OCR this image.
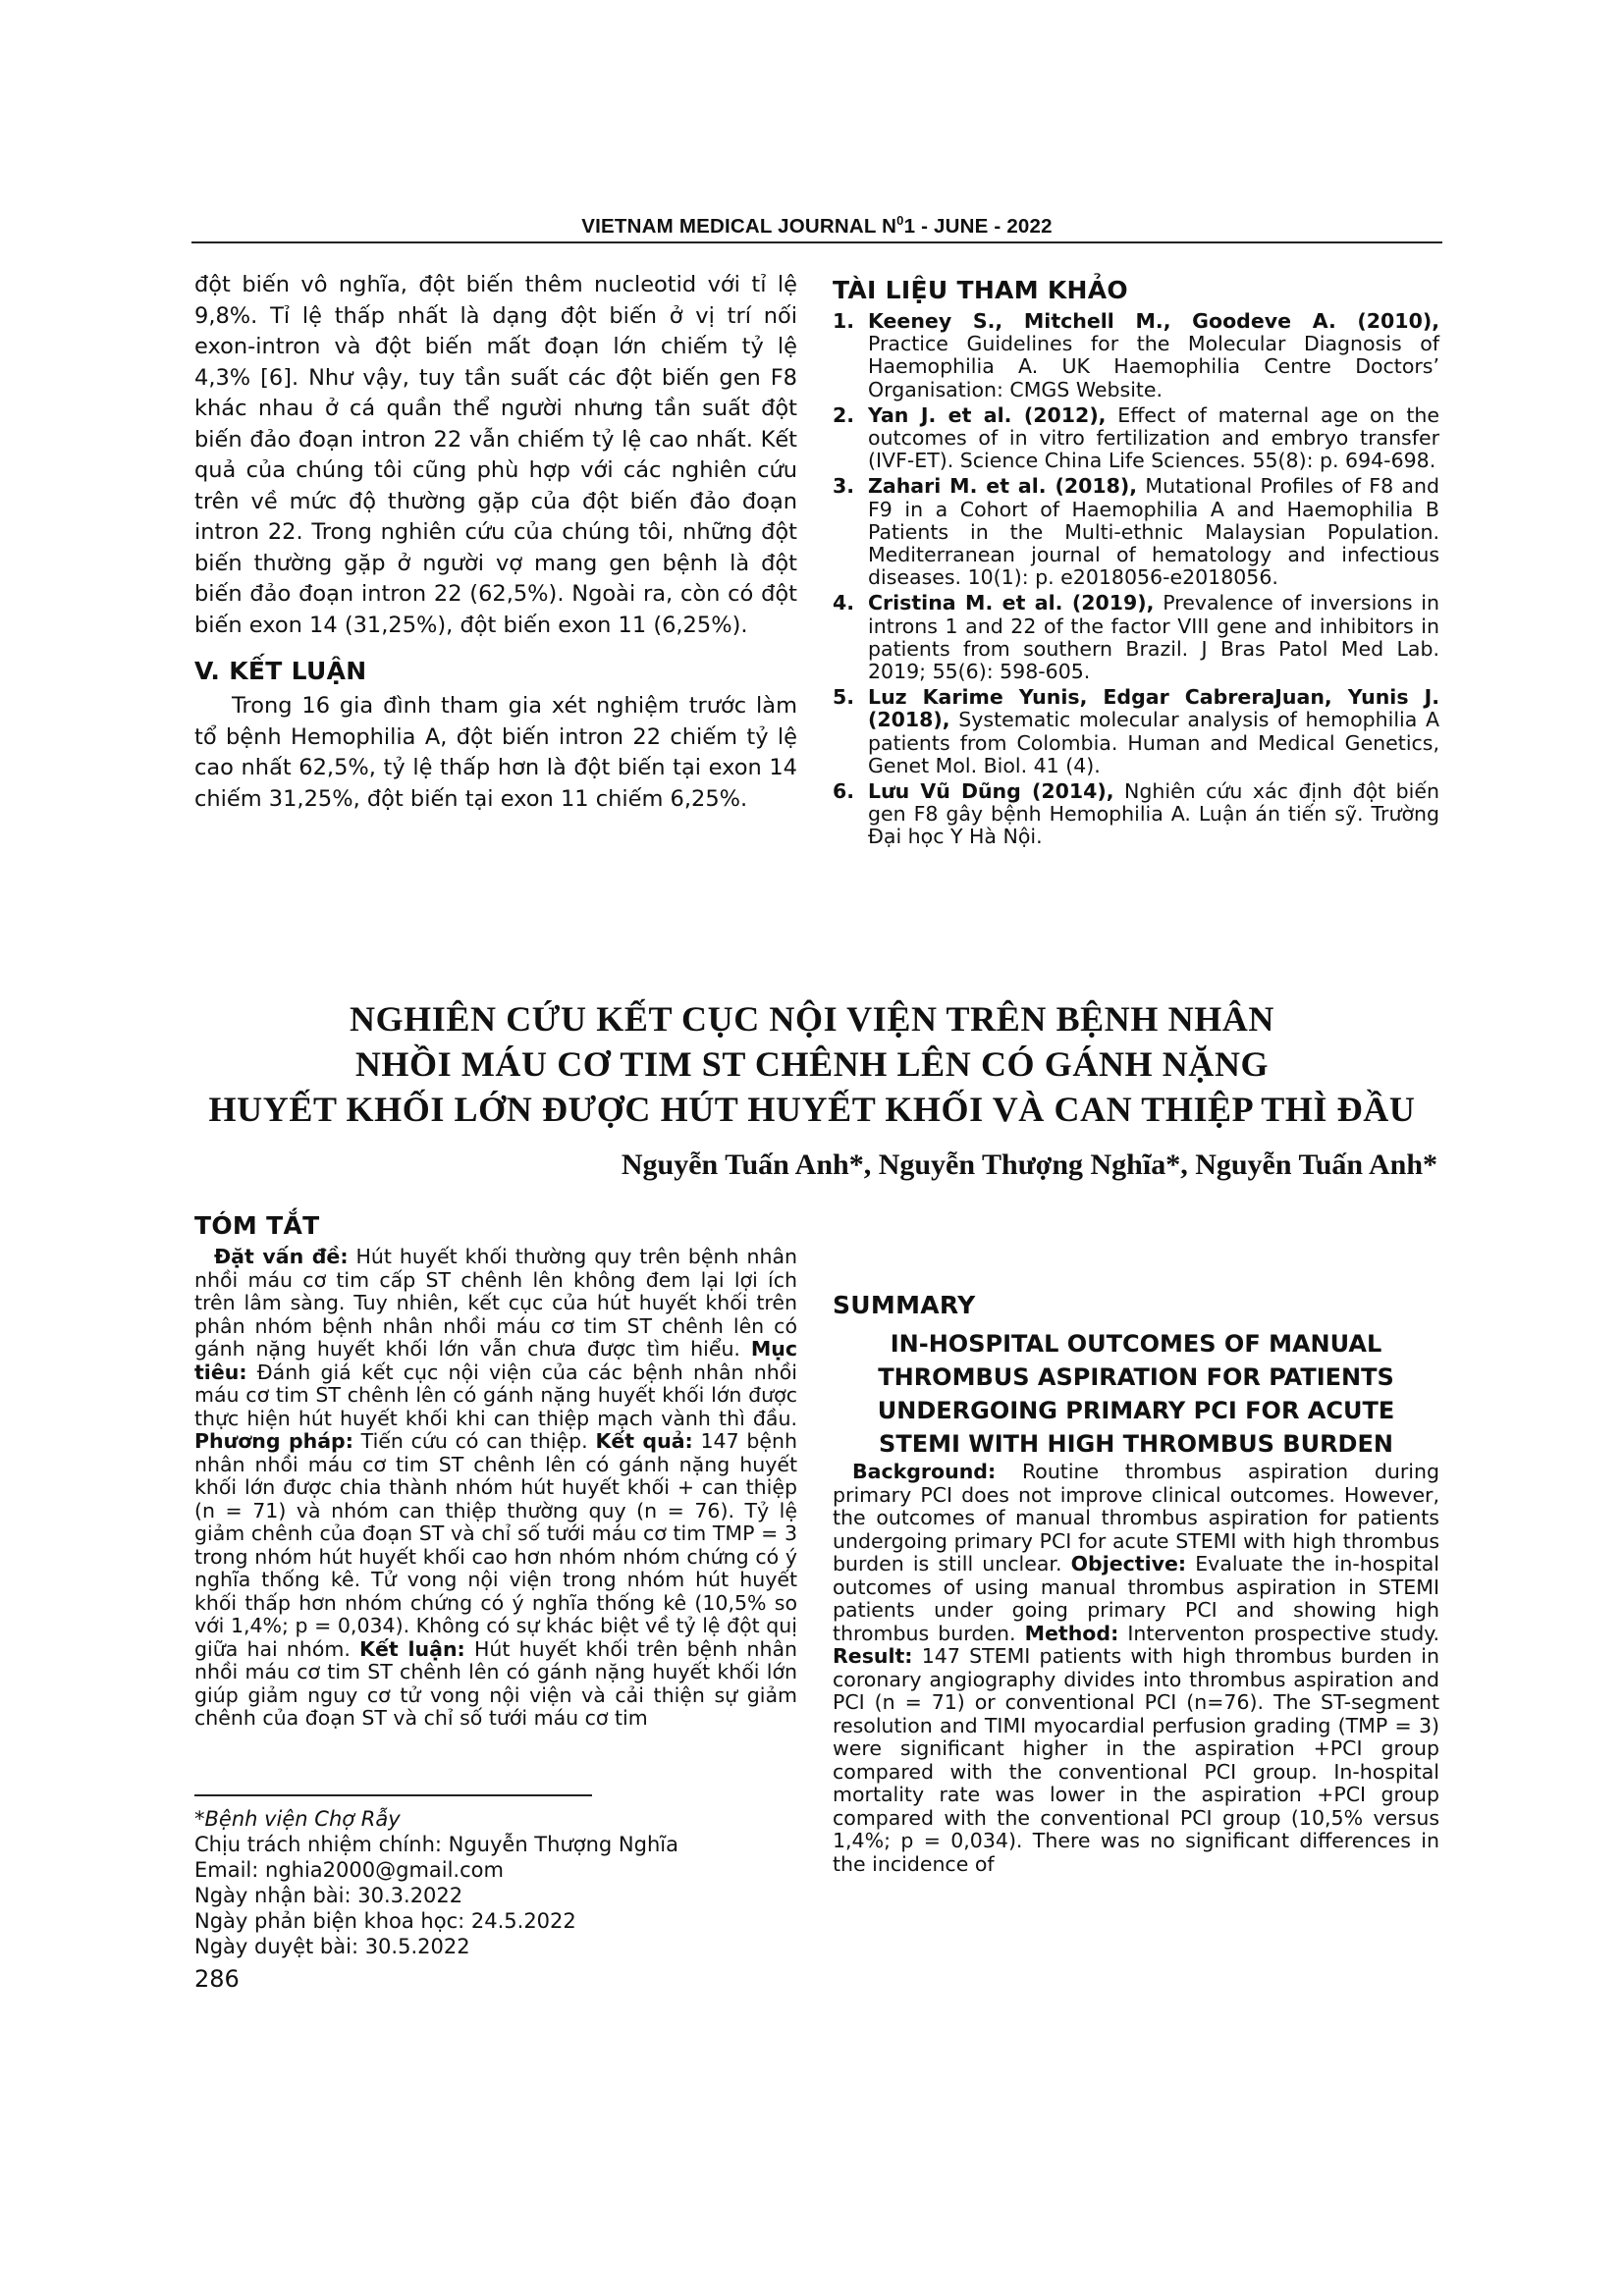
VIETNAM MEDICAL JOURNAL $N^01$ - JUNE - 2022

đột biến vô nghĩa, đột biến thêm nucleotid với tỉ lệ 9,8%. Tỉ lệ thấp nhất là dạng đột biến ở vị trí nối exon-intron và đột biến mất đoạn lớn chiếm tỷ lệ 4,3% [6]. Như vậy, tuy tần suất các đột biến gen F8 khác nhau ở cá quần thể người nhưng tần suất đột biến đảo đoạn intron 22 vẫn chiếm tỷ lệ cao nhất. Kết quả của chúng tôi cũng phù hợp với các nghiên cứu trên về mức độ thường gặp của đột biến đảo đoạn intron 22. Trong nghiên cứu của chúng tôi, những đột biến thường gặp ở người vợ mang gen bệnh là đột biến đảo đoạn intron 22 (62,5%). Ngoài ra, còn có đột biến exon 14 (31,25%), đột biến exon 11 (6,25%).

V. KẾT LUẬN

Trong 16 gia đình tham gia xét nghiệm trước làm tổ bệnh Hemophilia A, đột biến intron 22 chiếm tỷ lệ cao nhất 62,5%, tỷ lệ thấp hơn là đột biến tại exon 14 chiếm 31,25%, đột biến tại exon 11 chiếm 6,25%.

TÀI LIỆU THAM KHẢO
1. Keeney S., Mitchell M., Goodeve A. (2010), Practice Guidelines for the Molecular Diagnosis of Haemophilia A. UK Haemophilia Centre Doctors’ Organisation: CMGS Website.
2. Yan J. et al. (2012), Effect of maternal age on the outcomes of in vitro fertilization and embryo transfer (IVF-ET). Science China Life Sciences. 55(8): p. 694-698.
3. Zahari M. et al. (2018), Mutational Profiles of F8 and F9 in a Cohort of Haemophilia A and Haemophilia B Patients in the Multi-ethnic Malaysian Population. Mediterranean journal of hematology and infectious diseases. 10(1): p. e2018056-e2018056.
4. Cristina M. et al. (2019), Prevalence of inversions in introns 1 and 22 of the factor VIII gene and inhibitors in patients from southern Brazil. J Bras Patol Med Lab. 2019; 55(6): 598-605.
5. Luz Karime Yunis, Edgar CabreraJuan, Yunis J. (2018), Systematic molecular analysis of hemophilia A patients from Colombia. Human and Medical Genetics, Genet Mol. Biol. 41 (4).
6. Lưu Vũ Dũng (2014), Nghiên cứu xác định đột biến gen F8 gây bệnh Hemophilia A. Luận án tiến sỹ. Trường Đại học Y Hà Nội.
NGHIÊN CỨU KẾT CỤC NỘI VIỆN TRÊN BỆNH NHÂN
NHỒI MÁU CƠ TIM ST CHÊNH LÊN CÓ GÁNH NẶNG
HUYẾT KHỐI LỚN ĐƯỢC HÚT HUYẾT KHỐI VÀ CAN THIỆP THÌ ĐẦU
Nguyễn Tuấn Anh*, Nguyễn Thượng Nghĩa*, Nguyễn Tuấn Anh*
TÓM TẮT

Đặt vấn đề: Hút huyết khối thường quy trên bệnh nhân nhồi máu cơ tim cấp ST chênh lên không đem lại lợi ích trên lâm sàng. Tuy nhiên, kết cục của hút huyết khối trên phân nhóm bệnh nhân nhồi máu cơ tim ST chênh lên có gánh nặng huyết khối lớn vẫn chưa được tìm hiểu. Mục tiêu: Đánh giá kết cục nội viện của các bệnh nhân nhồi máu cơ tim ST chênh lên có gánh nặng huyết khối lớn được thực hiện hút huyết khối khi can thiệp mạch vành thì đầu. Phương pháp: Tiến cứu có can thiệp. Kết quả: 147 bệnh nhân nhồi máu cơ tim ST chênh lên có gánh nặng huyết khối lớn được chia thành nhóm hút huyết khối + can thiệp (n = 71) và nhóm can thiệp thường quy (n = 76). Tỷ lệ giảm chênh của đoạn ST và chỉ số tưới máu cơ tim TMP = 3 trong nhóm hút huyết khối cao hơn nhóm nhóm chứng có ý nghĩa thống kê. Tử vong nội viện trong nhóm hút huyết khối thấp hơn nhóm chứng có ý nghĩa thống kê (10,5% so với 1,4%; p = 0,034). Không có sự khác biệt về tỷ lệ đột quị giữa hai nhóm. Kết luận: Hút huyết khối trên bệnh nhân nhồi máu cơ tim ST chênh lên có gánh nặng huyết khối lớn giúp giảm nguy cơ tử vong nội viện và cải thiện sự giảm chênh của đoạn ST và chỉ số tưới máu cơ tim

*Bệnh viện Chợ Rẫy
Chịu trách nhiệm chính: Nguyễn Thượng Nghĩa
Email: nghia2000@gmail.com
Ngày nhận bài: 30.3.2022
Ngày phản biện khoa học: 24.5.2022
Ngày duyệt bài: 30.5.2022
SUMMARY
IN-HOSPITAL OUTCOMES OF MANUAL
THROMBUS ASPIRATION FOR PATIENTS
UNDERGOING PRIMARY PCI FOR ACUTE
STEMI WITH HIGH THROMBUS BURDEN

Background: Routine thrombus aspiration during primary PCI does not improve clinical outcomes. However, the outcomes of manual thrombus aspiration for patients undergoing primary PCI for acute STEMI with high thrombus burden is still unclear. Objective: Evaluate the in-hospital outcomes of using manual thrombus aspiration in STEMI patients under going primary PCI and showing high thrombus burden. Method: Interventon prospective study. Result: 147 STEMI patients with high thrombus burden in coronary angiography divides into thrombus aspiration and PCI (n = 71) or conventional PCI (n=76). The ST-segment resolution and TIMI myocardial perfusion grading (TMP = 3) were significant higher in the aspiration +PCI group compared with the conventional PCI group. In-hospital mortality rate was lower in the aspiration +PCI group compared with the conventional PCI group (10,5% versus 1,4%; p = 0,034). There was no significant differences in the incidence of

286
